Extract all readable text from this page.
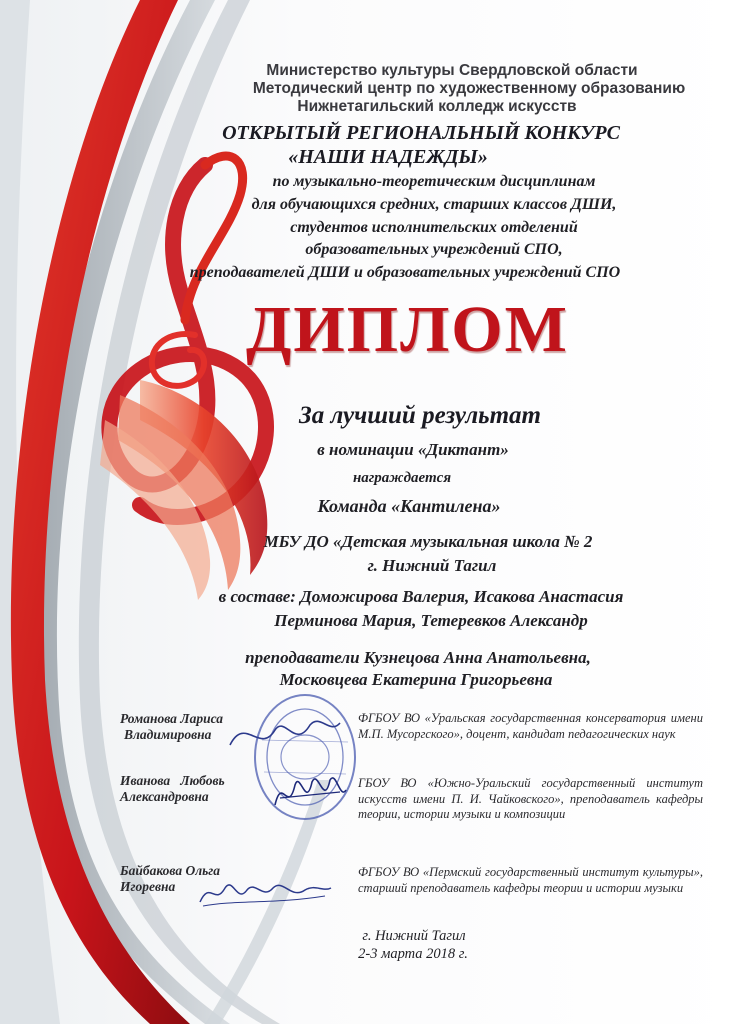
Министерство культуры Свердловской области
Методический центр по художественному образованию
Нижнетагильский колледж искусств
ОТКРЫТЫЙ РЕГИОНАЛЬНЫЙ КОНКУРС
«НАШИ НАДЕЖДЫ»
по музыкально-теоретическим дисциплинам
для обучающихся средних, старших классов ДШИ,
студентов исполнительских отделений
образовательных учреждений СПО,
преподавателей ДШИ и образовательных учреждений СПО
ДИПЛОМ
За лучший результат
в номинации «Диктант»
награждается
Команда «Кантилена»
МБУ ДО «Детская музыкальная школа № 2
г. Нижний Тагил
в составе: Доможирова Валерия, Исакова Анастасия
Перминова Мария, Тетеревков Александр
преподаватели Кузнецова Анна Анатольевна,
Московцева Екатерина Григорьевна
Романова Лариса
Владимировна
ФГБОУ ВО «Уральская государственная консерватория имени М.П. Мусоргского», доцент, кандидат педагогических наук
Иванова   Любовь
Александровна
ГБОУ ВО «Южно-Уральский государственный институт искусств имени П. И. Чайковского», преподаватель кафедры теории, истории музыки и композиции
Байбакова Ольга
Игоревна
ФГБОУ ВО «Пермский государственный институт культуры», старший преподаватель кафедры теории и истории музыки
г. Нижний Тагил
2-3 марта 2018 г.
